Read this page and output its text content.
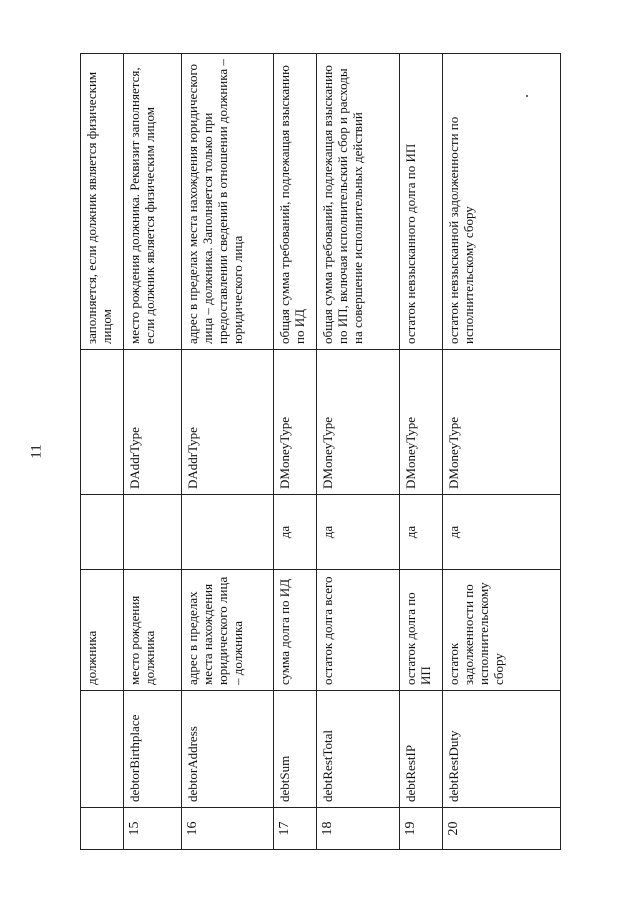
11
		должника			заполняется, если должник является физическим лицом
15	debtorBirthplace	место рождения должника		DAddrType	место рождения должника. Реквизит заполняется, если должник является физическим лицом
16	debtorAddress	адрес в пределах места нахождения юридического лица – должника		DAddrType	адрес в пределах места нахождения юридического лица – должника. Заполняется только при предоставлении сведений в отношении должника – юридического лица
17	debtSum	сумма долга по ИД	да	DMoneyType	общая сумма требований, подлежащая взысканию по ИД
18	debtRestTotal	остаток долга всего	да	DMoneyType	общая сумма требований, подлежащая взысканию по ИП, включая исполнительский сбор и расходы на совершение исполнительных действий
19	debtRestIP	остаток долга по ИП	да	DMoneyType	остаток невзысканного долга по ИП
20	debtRestDuty	остаток задолженности по исполнительскому сбору	да	DMoneyType	остаток невзысканной задолженности по исполнительскому сбору
